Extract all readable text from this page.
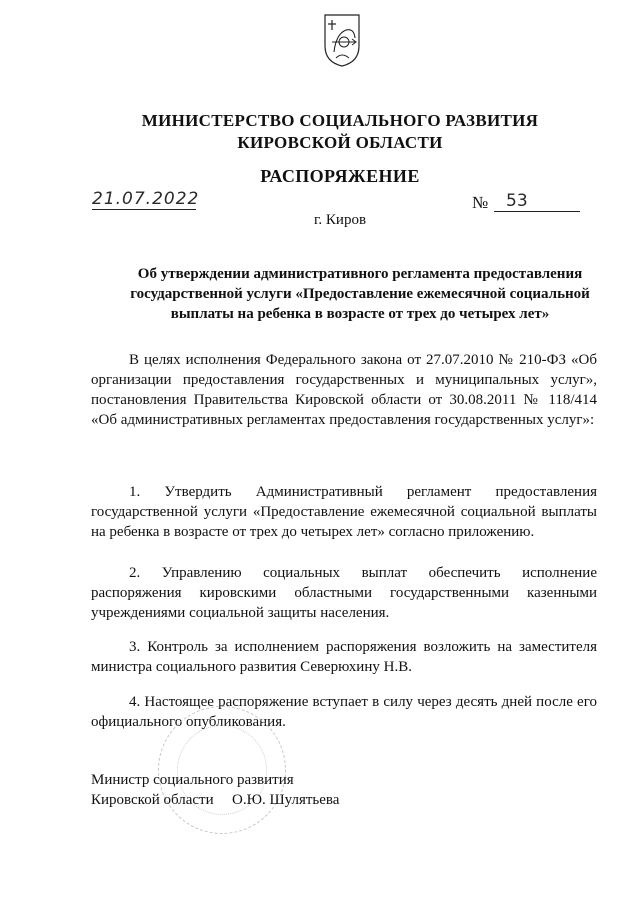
МИНИСТЕРСТВО СОЦИАЛЬНОГО РАЗВИТИЯ
КИРОВСКОЙ ОБЛАСТИ
РАСПОРЯЖЕНИЕ
21.07.2022	№	53
г. Киров
Об утверждении административного регламента предоставления
государственной услуги «Предоставление ежемесячной социальной
выплаты на ребенка в возрасте от трех до четырех лет»
В целях исполнения Федерального закона от 27.07.2010 № 210-ФЗ «Об организации предоставления государственных и муниципальных услуг», постановления Правительства Кировской области от 30.08.2011 № 118/414 «Об административных регламентах предоставления государственных услуг»:
1. Утвердить Административный регламент предоставления государственной услуги «Предоставление ежемесячной социальной выплаты на ребенка в возрасте от трех до четырех лет» согласно приложению.
2. Управлению социальных выплат обеспечить исполнение распоряжения кировскими областными государственными казенными учреждениями социальной защиты населения.
3. Контроль за исполнением распоряжения возложить на заместителя министра социального развития Северюхину Н.В.
4. Настоящее распоряжение вступает в силу через десять дней после его официального опубликования.
Министр социального развития
Кировской области	О.Ю. Шулятьева
